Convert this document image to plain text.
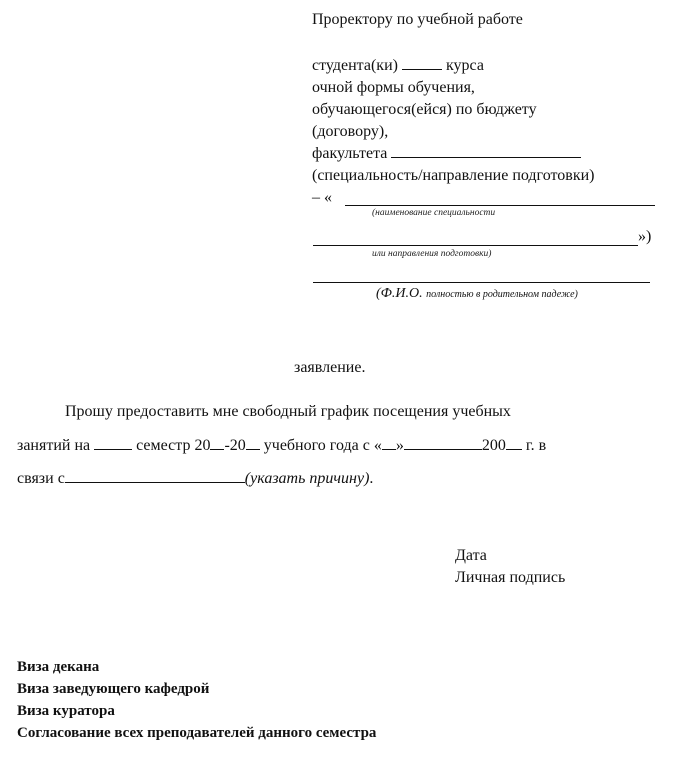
Проректору по учебной работе
студента(ки)	курса
очной формы обучения,
обучающегося(ейся) по бюджету
(договору),
факультета
(специальность/направление подготовки)
– «
(наименование специальности
»)
или направления подготовки)
(Ф.И.О. полностью в родительном падеже)
заявление.
Прошу предоставить мне свободный график посещения учебных
занятий на	семестр 20 -20 учебного года с « »	200 г. в
связи с	(указать причину).
Дата
Личная подпись
Виза декана
Виза заведующего кафедрой
Виза куратора
Согласование всех преподавателей данного семестра
